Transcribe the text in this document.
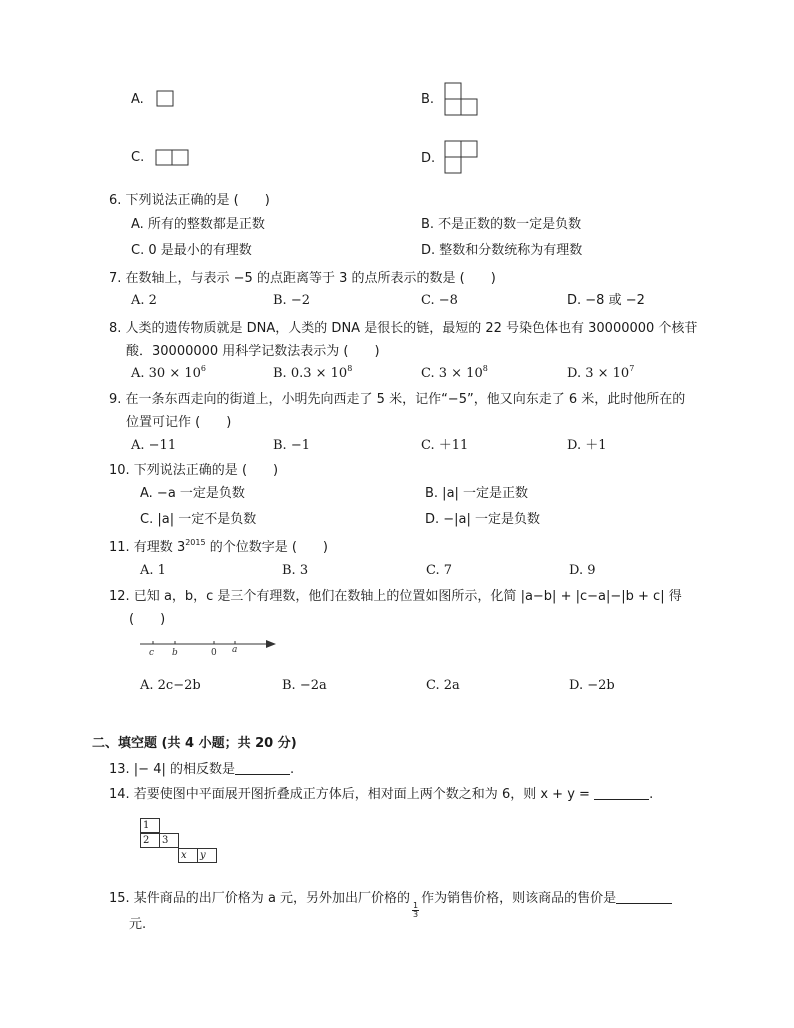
A.	B.
C.	D.
6. 下列说法正确的是 (　　)
A. 所有的整数都是正数	B. 不是正数的数一定是负数
C. 0 是最小的有理数	D. 整数和分数统称为有理数
7. 在数轴上，与表示 −5 的点距离等于 3 的点所表示的数是 (　　)
A. 2	B. −2	C. −8	D. −8 或 −2
8. 人类的遗传物质就是 DNA，人类的 DNA 是很长的链，最短的 22 号染色体也有 30000000 个核苷
酸．30000000 用科学记数法表示为 (　　)
A. $30 \times 10^6$	B. $0.3 \times 10^8$	C. $3 \times 10^8$	D. $3 \times 10^7$
9. 在一条东西走向的街道上，小明先向西走了 5 米，记作“−5”，他又向东走了 6 米，此时他所在的
位置可记作 (　　)
A. −11	B. −1	C. ＋11	D. ＋1
10. 下列说法正确的是 (　　)
A. −a 一定是负数	B. |a| 一定是正数
C. |a| 一定不是负数	D. −|a| 一定是负数
11. 有理数 $3^{2015}$ 的个位数字是 (　　)
A. 1	B. 3	C. 7	D. 9
12. 已知 a，b，c 是三个有理数，他们在数轴上的位置如图所示，化简 |a−b| + |c−a|−|b + c| 得
(　　)
c b	0 a
A. 2c−2b	B. −2a	C. 2a	D. −2b
二、填空题 (共 4 小题；共 20 分)
13. |− 4| 的相反数是	.
14. 若要使图中平面展开图折叠成正方体后，相对面上两个数之和为 6，则 x + y =	.
1
2	3
x	y
15. 某件商品的出厂价格为 a 元，另外加出厂价格的
$\frac{1}{3}$
作为销售价格，则该商品的售价是
元.
